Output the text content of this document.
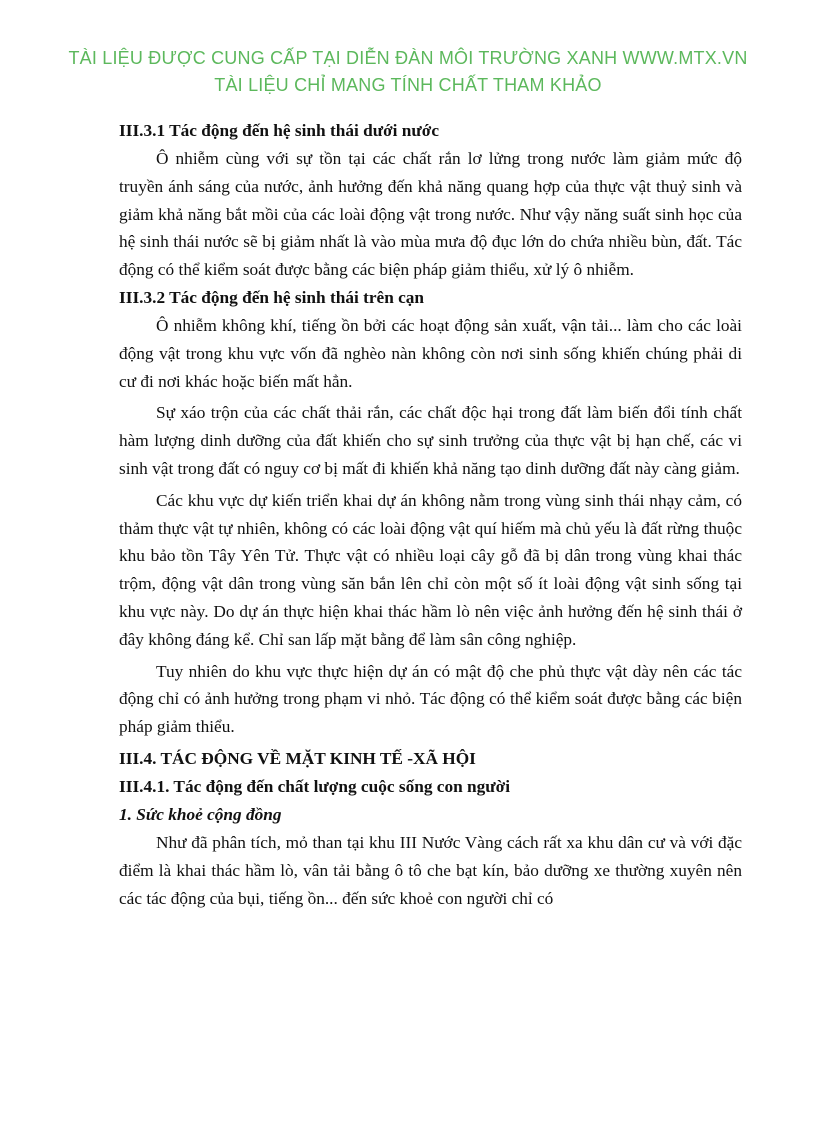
TÀI LIỆU ĐƯỢC CUNG CẤP TẠI DIỄN ĐÀN MÔI TRƯỜNG XANH WWW.MTX.VN
TÀI LIỆU CHỈ MANG TÍNH CHẤT THAM KHẢO

III.3.1 Tác động đến hệ sinh thái dưới nước

Ô nhiễm cùng với sự tồn tại các chất rắn lơ lửng trong nước làm giảm mức độ truyền ánh sáng của nước, ảnh hưởng đến khả năng quang hợp của thực vật thuỷ sinh và giảm khả năng bắt mồi của các loài động vật trong nước. Như vậy năng suất sinh học của hệ sinh thái nước sẽ bị giảm nhất là vào mùa mưa độ đục lớn do chứa nhiều bùn, đất. Tác động có thể kiểm soát được bằng các biện pháp giảm thiểu, xử lý ô nhiễm.

III.3.2 Tác động đến hệ sinh thái trên cạn

Ô nhiễm không khí, tiếng ồn bởi các hoạt động sản xuất, vận tải... làm cho các loài động vật trong khu vực vốn đã nghèo nàn không còn nơi sinh sống khiến chúng phải di cư đi nơi khác hoặc biến mất hẳn.

Sự xáo trộn của các chất thải rắn, các chất độc hại trong đất làm biến đổi tính chất hàm lượng dinh dưỡng của đất khiến cho sự sinh trưởng của thực vật bị hạn chế, các vi sinh vật trong đất có nguy cơ bị mất đi khiến khả năng tạo dinh dưỡng đất này càng giảm.

Các khu vực dự kiến triển khai dự án không nằm trong vùng sinh thái nhạy cảm, có thảm thực vật tự nhiên, không có các loài động vật quí hiếm mà chủ yếu là đất rừng thuộc khu bảo tồn Tây Yên Tử. Thực vật có nhiều loại cây gỗ đã bị dân trong vùng khai thác trộm, động vật dân trong vùng săn bắn lên chỉ còn một số ít loài động vật sinh sống tại khu vực này. Do dự án thực hiện khai thác hầm lò nên việc ảnh hưởng đến hệ sinh thái ở đây không đáng kể. Chỉ san lấp mặt bằng để làm sân công nghiệp.

Tuy nhiên do khu vực thực hiện dự án có mật độ che phủ thực vật dày nên các tác động chỉ có ảnh hưởng trong phạm vi nhỏ. Tác động có thể kiểm soát được bằng các biện pháp giảm thiểu.

III.4. TÁC ĐỘNG VỀ MẶT KINH TẾ -XÃ HỘI

III.4.1. Tác động đến chất lượng cuộc sống con người

1. Sức khoẻ cộng đồng

Như đã phân tích, mỏ than tại khu III Nước Vàng cách rất xa khu dân cư và với đặc điểm là khai thác hầm lò, vân tải bằng ô tô che bạt kín, bảo dưỡng xe thường xuyên nên các tác động của bụi, tiếng ồn... đến sức khoẻ con người chỉ có
